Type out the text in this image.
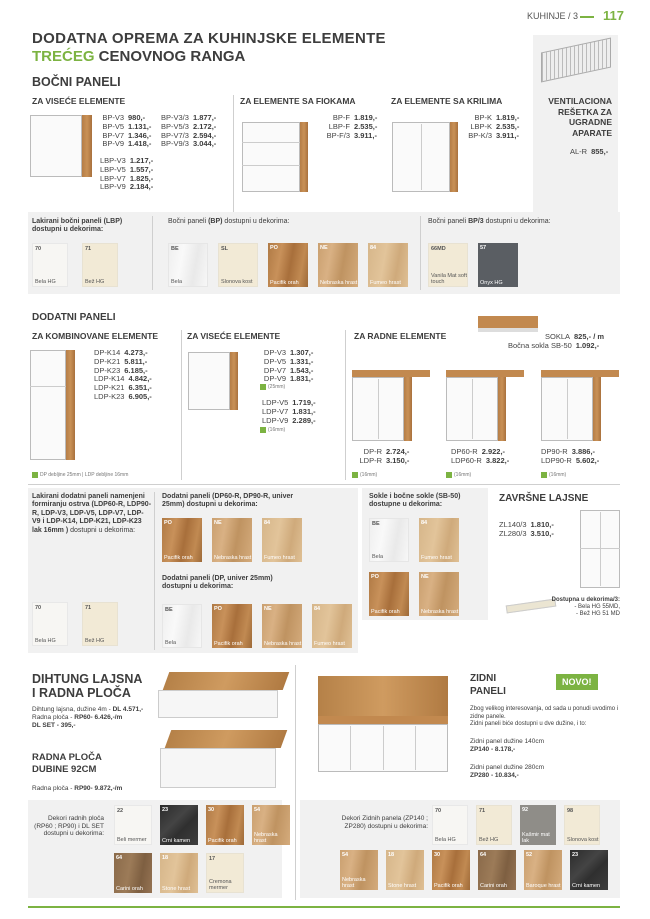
KUHINJE / 3 117
DODATNA OPREMA ZA KUHINJSKE ELEMENTE
TREĆEG CENOVNOG RANGA
BOČNI PANELI
ZA VISEĆE ELEMENTE
BP-V3 980,-
BP-V5 1.131,-
BP-V7 1.346,-
BP-V9 1.418,-
BP-V3/3 1.877,-
BP-V5/3 2.172,-
BP-V7/3 2.594,-
BP-V9/3 3.044,-
LBP-V3 1.217,-
LBP-V5 1.557,-
LBP-V7 1.825,-
LBP-V9 2.184,-
ZA ELEMENTE SA FIOKAMA
BP-F 1.819,-
LBP-F 2.535,-
BP-F/3 3.911,-
ZA ELEMENTE SA KRILIMA
BP-K 1.819,-
LBP-K 2.535,-
BP-K/3 3.911,-
VENTILACIONA REŠETKA ZA UGRADNE APARATE
AL-R 855,-
Lakirani bočni paneli (LBP) dostupni u dekorima:
Bočni paneli (BP) dostupni u dekorima:	Bočni paneli BP/3 dostupni u dekorima:
70
Bela HG
71
Bež HG
BE
Bela
SL
Slonova kost
PO
Pacifik orah
NE
Nebraska hrast
84
Fumeo hrast
66MD
Vanila Mat soft touch
57
Onyx HG
DODATNI PANELI
ZA KOMBINOVANE ELEMENTE
DP-K14 4.273,-
DP-K21 5.811,-
DP-K23 6.185,-
LDP-K14 4.842,-
LDP-K21 6.351,-
LDP-K23 6.905,-
DP debljine 25mm | LDP debljine 16mm
ZA VISEĆE ELEMENTE
DP-V3 1.307,-
DP-V5 1.331,-
DP-V7 1.543,-
DP-V9 1.831,-
(25mm)
LDP-V5 1.719,-
LDP-V7 1.831,-
LDP-V9 2.289,-
(16mm)
ZA RADNE ELEMENTE	SOKLA 825,- / m
Bočna sokla SB-50 1.092,-
DP-R 2.724,-
LDP-R 3.150,-
DP60-R 2.922,-
LDP60-R 3.822,-
DP90-R 3.886,-
LDP90-R 5.602,-
(16mm)	(16mm)	(16mm)
Lakirani dodatni paneli namenjeni formiranju ostrva (LDP60-R, LDP90-R, LDP-V3, LDP-V5, LDP-V7, LDP-V9 i LDP-K14, LDP-K21, LDP-K23 lak 16mm ) dostupni u dekorima:
Dodatni paneli (DP60-R, DP90-R, univer 25mm) dostupni u dekorima:
Dodatni paneli (DP, univer 25mm) dostupni u dekorima:
Sokle i bočne sokle (SB-50) dostupne u dekorima:
70
Bela HG
71
Bež HG
PO
Pacifik orah
NE
Nebraska hrast
84
Fumeo hrast
BE
Bela
PO
Pacifik orah
NE
Nebraska hrast
84
Fumeo hrast
BE
Bela
84
Fumeo hrast
PO
Pacifik orah
NE
Nebraska hrast
ZAVRŠNE LAJSNE
ZL140/3 1.810,-
ZL280/3 3.510,-
Dostupna u dekorima/3:
- Bela HG 55MD,
- Bež HG 51 MD
DIHTUNG LAJSNA
I RADNA PLOČA
Dihtung lajsna, dužine 4m - DL 4.571,-
Radna ploča - RP60- 6.426,-/m
DL SET - 395,-
RADNA PLOČA
DUBINE 92CM
Radna ploča - RP90- 9.872,-/m
Dekori radnih ploča (RP60 ; RP90) i DL SET dostupni u dekorima:
22
Beli mermer
23
Crni kamen
30
Pacifik orah
54
Nebraska hrast
64
Carini orah
18
Stone hrast
17
Cremona mermer
ZIDNI
PANELI
NOVO!
Zbog velikog interesovanja, od sada u ponudi uvodimo i zidne panele.
Zidni paneli biće dostupni u dve dužine, i to:
Zidni panel dužine 140cm
ZP140 - 8.178,-
Zidni panel dužine 280cm
ZP280 - 10.834,-
Dekori Zidnih panela (ZP140 ; ZP280) dostupni u dekorima:
70
Bela HG
71
Bež HG
92
Kašmir mat lak
98
Slonova kost
54
Nebraska hrast
18
Stone hrast
30
Pacifik orah
64
Carini orah
52
Baroque hrast
23
Crni kamen
